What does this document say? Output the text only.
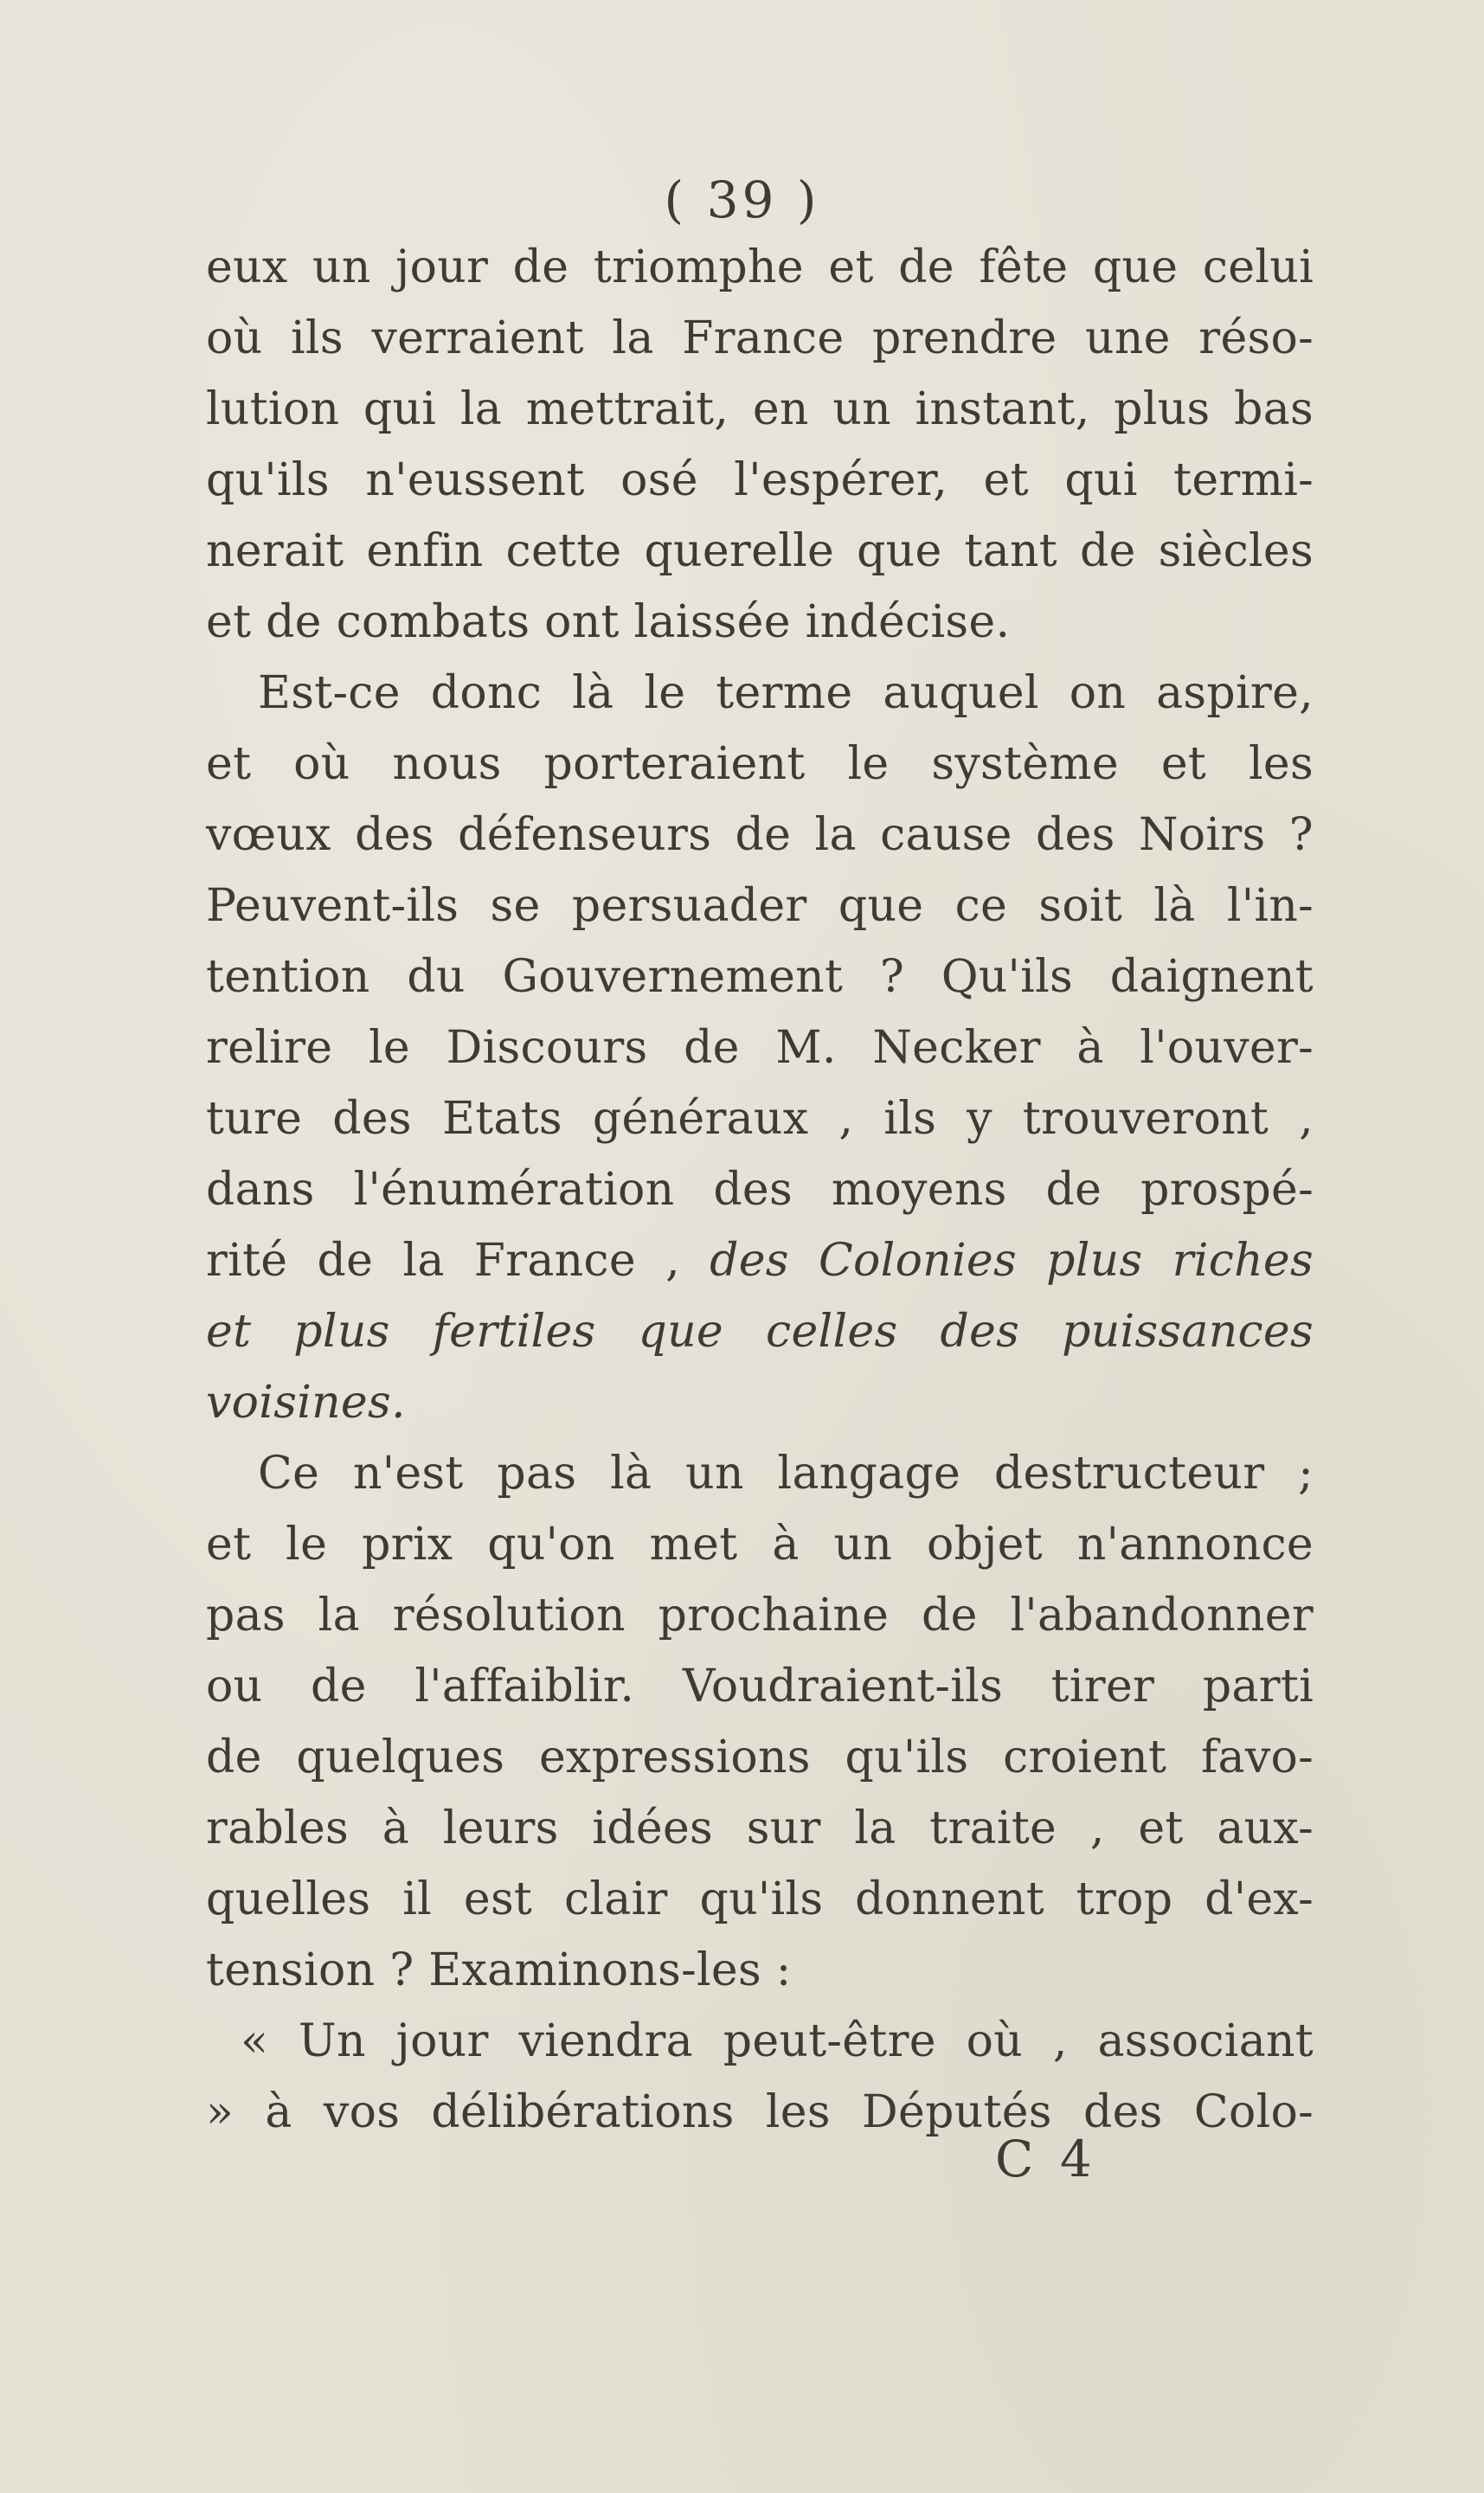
( 39 )
eux un jour de triomphe et de fête que celui
où ils verraient la France prendre une réso-
lution qui la mettrait, en un instant, plus bas
qu'ils n'eussent osé l'espérer, et qui termi-
nerait enfin cette querelle que tant de siècles
et de combats ont laissée indécise.
Est-ce donc là le terme auquel on aspire,
et où nous porteraient le système et les
vœux des défenseurs de la cause des Noirs ?
Peuvent-ils se persuader que ce soit là l'in-
tention du Gouvernement ? Qu'ils daignent
relire le Discours de M. Necker à l'ouver-
ture des Etats généraux , ils y trouveront ,
dans l'énumération des moyens de prospé-
rité de la France , des Colonies plus riches
et plus fertiles que celles des puissances
voisines.
Ce n'est pas là un langage destructeur ;
et le prix qu'on met à un objet n'annonce
pas la résolution prochaine de l'abandonner
ou de l'affaiblir. Voudraient-ils tirer parti
de quelques expressions qu'ils croient favo-
rables à leurs idées sur la traite , et aux-
quelles il est clair qu'ils donnent trop d'ex-
tension ? Examinons-les :
« Un jour viendra peut-être où , associant
» à vos délibérations les Députés des Colo-
C 4
